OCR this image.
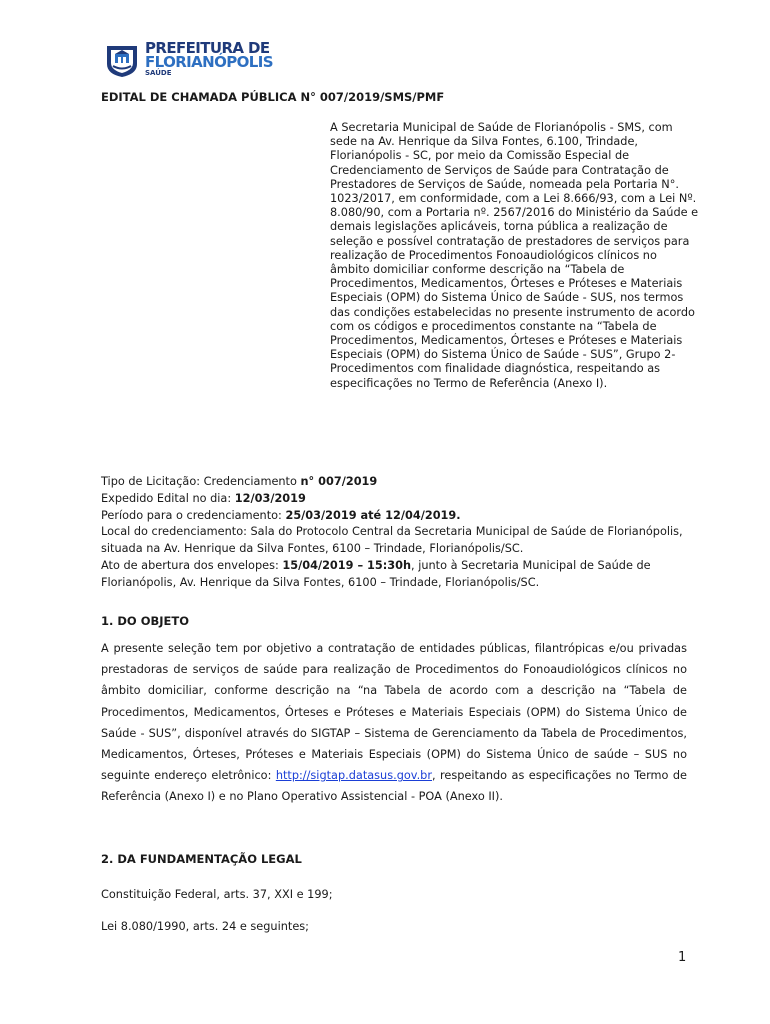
PREFEITURA DE
FLORIANÓPOLIS
SAÚDE
EDITAL DE CHAMADA PÚBLICA N° 007/2019/SMS/PMF

A Secretaria Municipal de Saúde de Florianópolis - SMS, com sede na Av. Henrique da Silva Fontes, 6.100, Trindade, Florianópolis - SC, por meio da Comissão Especial de Credenciamento de Serviços de Saúde para Contratação de Prestadores de Serviços de Saúde, nomeada pela Portaria N°. 1023/2017, em conformidade, com a Lei 8.666/93, com a Lei Nº. 8.080/90, com a Portaria nº. 2567/2016 do Ministério da Saúde e demais legislações aplicáveis, torna pública a realização de seleção e possível contratação de prestadores de serviços para realização de Procedimentos Fonoaudiológicos clínicos no âmbito domiciliar conforme descrição na “Tabela de Procedimentos, Medicamentos, Órteses e Próteses e Materiais Especiais (OPM) do Sistema Único de Saúde - SUS, nos termos das condições estabelecidas no presente instrumento de acordo com os códigos e procedimentos constante na “Tabela de Procedimentos, Medicamentos, Órteses e Próteses e Materiais Especiais (OPM) do Sistema Único de Saúde - SUS”, Grupo 2-Procedimentos com finalidade diagnóstica, respeitando as especificações no Termo de Referência (Anexo I).

Tipo de Licitação: Credenciamento n° 007/2019

Expedido Edital no dia: 12/03/2019

Período para o credenciamento: 25/03/2019 até 12/04/2019.

Local do credenciamento: Sala do Protocolo Central da Secretaria Municipal de Saúde de Florianópolis, situada na Av. Henrique da Silva Fontes, 6100 – Trindade, Florianópolis/SC.

Ato de abertura dos envelopes: 15/04/2019 – 15:30h, junto à Secretaria Municipal de Saúde de Florianópolis, Av. Henrique da Silva Fontes, 6100 – Trindade, Florianópolis/SC.

1. DO OBJETO

A presente seleção tem por objetivo a contratação de entidades públicas, filantrópicas e/ou privadas prestadoras de serviços de saúde para realização de Procedimentos do Fonoaudiológicos clínicos no âmbito domiciliar, conforme descrição na “na Tabela de acordo com a descrição na “Tabela de Procedimentos, Medicamentos, Órteses e Próteses e Materiais Especiais (OPM) do Sistema Único de Saúde - SUS”, disponível através do SIGTAP – Sistema de Gerenciamento da Tabela de Procedimentos, Medicamentos, Órteses, Próteses e Materiais Especiais (OPM) do Sistema Único de saúde – SUS no seguinte endereço eletrônico: http://sigtap.datasus.gov.br, respeitando as especificações no Termo de Referência (Anexo I) e no Plano Operativo Assistencial - POA (Anexo II).

2. DA FUNDAMENTAÇÃO LEGAL
Constituição Federal, arts. 37, XXI e 199;
Lei 8.080/1990, arts. 24 e seguintes;
1
